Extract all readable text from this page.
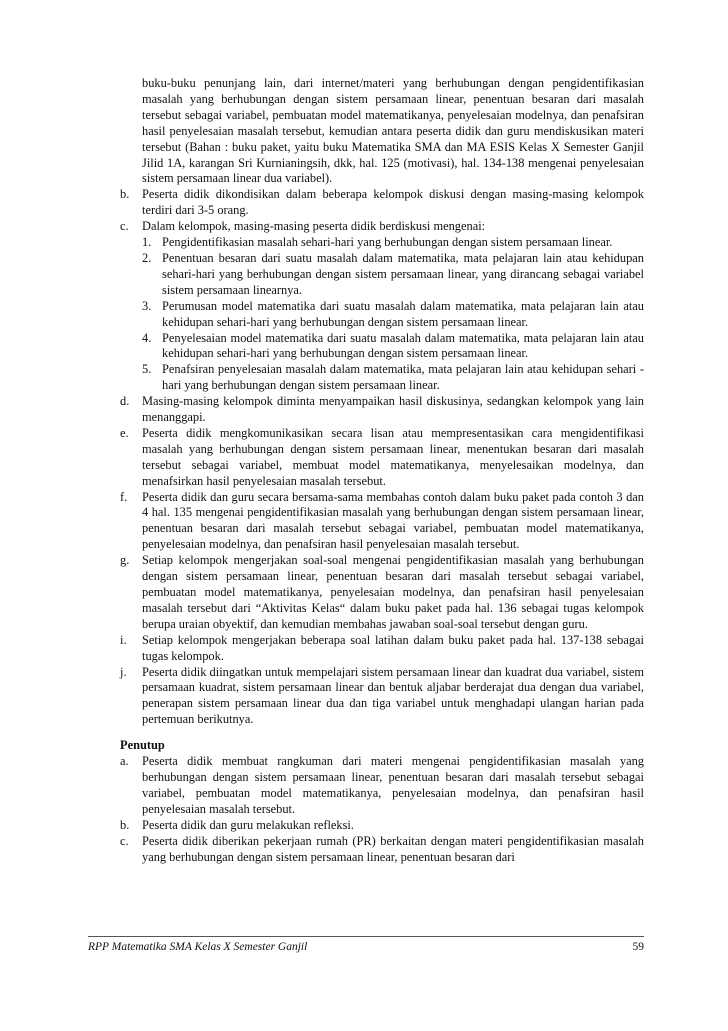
buku-buku penunjang lain, dari internet/materi yang berhubungan dengan pengidentifikasian masalah yang berhubungan dengan sistem persamaan linear, penentuan besaran dari masalah tersebut sebagai variabel, pembuatan model matematikanya, penyelesaian modelnya, dan penafsiran hasil penyelesaian masalah tersebut, kemudian antara peserta didik dan guru mendiskusikan materi tersebut (Bahan : buku paket, yaitu buku Matematika SMA dan MA ESIS Kelas X Semester Ganjil Jilid 1A, karangan Sri Kurnianingsih, dkk, hal. 125 (motivasi), hal. 134-138 mengenai penyelesaian sistem persamaan linear dua variabel).

b. Peserta didik dikondisikan dalam beberapa kelompok diskusi dengan masing-masing kelompok terdiri dari 3-5 orang.
c. Dalam kelompok, masing-masing peserta didik berdiskusi mengenai:
1. Pengidentifikasian masalah sehari-hari yang berhubungan dengan sistem persamaan linear.
2. Penentuan besaran dari suatu masalah dalam matematika, mata pelajaran lain atau kehidupan sehari-hari yang berhubungan dengan sistem persamaan linear, yang dirancang sebagai variabel sistem persamaan linearnya.
3. Perumusan model matematika dari suatu masalah dalam matematika, mata pelajaran lain atau kehidupan sehari-hari yang berhubungan dengan sistem persamaan linear.
4. Penyelesaian model matematika dari suatu masalah dalam matematika, mata pelajaran lain atau kehidupan sehari-hari yang berhubungan dengan sistem persamaan linear.
5. Penafsiran penyelesaian masalah dalam matematika, mata pelajaran lain atau kehidupan sehari - hari yang berhubungan dengan sistem persamaan linear.
d. Masing-masing kelompok diminta menyampaikan hasil diskusinya, sedangkan kelompok yang lain menanggapi.
e. Peserta didik mengkomunikasikan secara lisan atau mempresentasikan cara mengidentifikasi masalah yang berhubungan dengan sistem persamaan linear, menentukan besaran dari masalah tersebut sebagai variabel, membuat model matematikanya, menyelesaikan modelnya, dan menafsirkan hasil penyelesaian masalah tersebut.
f. Peserta didik dan guru secara bersama-sama membahas contoh dalam buku paket pada contoh 3 dan 4 hal. 135 mengenai pengidentifikasian masalah yang berhubungan dengan sistem persamaan linear, penentuan besaran dari masalah tersebut sebagai variabel, pembuatan model matematikanya, penyelesaian modelnya, dan penafsiran hasil penyelesaian masalah tersebut.
g. Setiap kelompok mengerjakan soal-soal mengenai pengidentifikasian masalah yang berhubungan dengan sistem persamaan linear, penentuan besaran dari masalah tersebut sebagai variabel, pembuatan model matematikanya, penyelesaian modelnya, dan penafsiran hasil penyelesaian masalah tersebut dari “Aktivitas Kelas“ dalam buku paket pada hal. 136 sebagai tugas kelompok berupa uraian obyektif, dan kemudian membahas jawaban soal-soal tersebut dengan guru.
i. Setiap kelompok mengerjakan beberapa soal latihan dalam buku paket pada hal. 137-138 sebagai tugas kelompok.
j. Peserta didik diingatkan untuk mempelajari sistem persamaan linear dan kuadrat dua variabel, sistem persamaan kuadrat, sistem persamaan linear dan bentuk aljabar berderajat dua dengan dua variabel, penerapan sistem persamaan linear dua dan tiga variabel untuk menghadapi ulangan harian pada pertemuan berikutnya.

Penutup

a. Peserta didik membuat rangkuman dari materi mengenai pengidentifikasian masalah yang berhubungan dengan sistem persamaan linear, penentuan besaran dari masalah tersebut sebagai variabel, pembuatan model matematikanya, penyelesaian modelnya, dan penafsiran hasil penyelesaian masalah tersebut.
b. Peserta didik dan guru melakukan refleksi.
c. Peserta didik diberikan pekerjaan rumah (PR) berkaitan dengan materi pengidentifikasian masalah yang berhubungan dengan sistem persamaan linear, penentuan besaran dari
RPP Matematika SMA Kelas X Semester Ganjil	59
